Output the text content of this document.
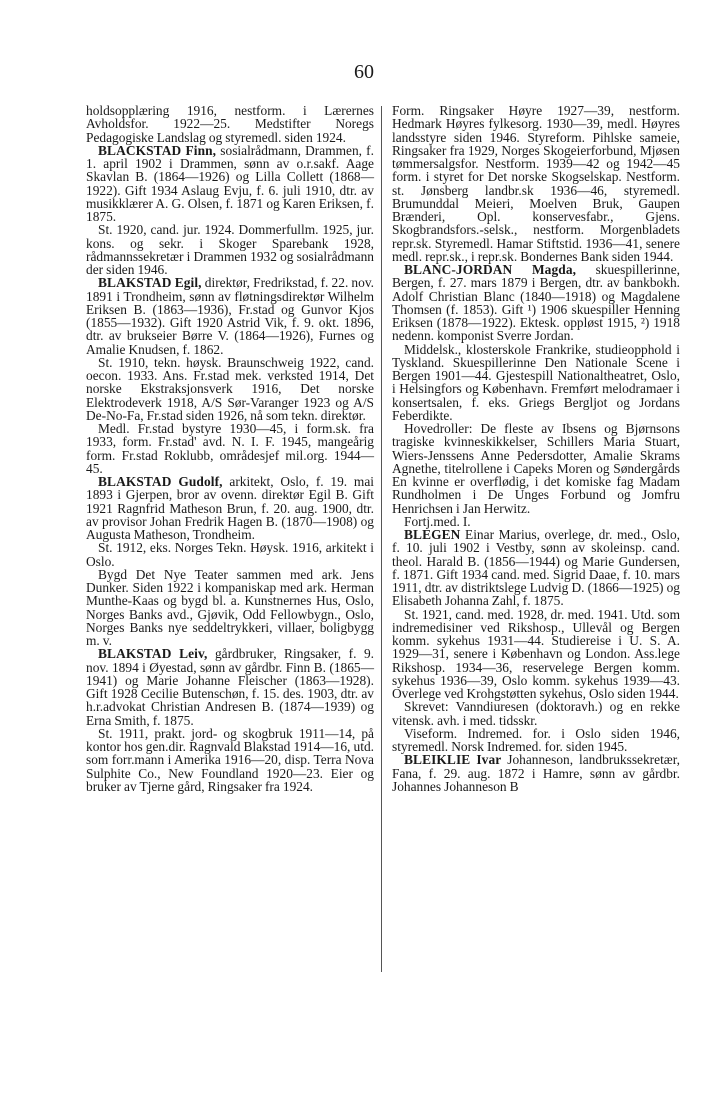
60

holdsopplæring 1916, nestform. i Lærernes Avholdsfor. 1922—25. Medstifter Noregs Pedagogiske Landslag og styremedl. siden 1924.

BLACKSTAD Finn, sosialrådmann, Drammen, f. 1. april 1902 i Drammen, sønn av o.r.sakf. Aage Skavlan B. (1864—1926) og Lilla Collett (1868—1922). Gift 1934 Aslaug Evju, f. 6. juli 1910, dtr. av musikklærer A. G. Olsen, f. 1871 og Karen Eriksen, f. 1875.

St. 1920, cand. jur. 1924. Dommerfullm. 1925, jur. kons. og sekr. i Skoger Sparebank 1928, rådmannssekretær i Drammen 1932 og sosialrådmann der siden 1946.

BLAKSTAD Egil, direktør, Fredrikstad, f. 22. nov. 1891 i Trondheim, sønn av fløtningsdirektør Wilhelm Eriksen B. (1863—1936), Fr.stad og Gunvor Kjos (1855—1932). Gift 1920 Astrid Vik, f. 9. okt. 1896, dtr. av brukseier Børre V. (1864—1926), Furnes og Amalie Knudsen, f. 1862.

St. 1910, tekn. høysk. Braunschweig 1922, cand. oecon. 1933. Ans. Fr.stad mek. verksted 1914, Det norske Ekstraksjonsverk 1916, Det norske Elektrodeverk 1918, A/S Sør-Varanger 1923 og A/S De-No-Fa, Fr.stad siden 1926, nå som tekn. direktør.

Medl. Fr.stad bystyre 1930—45, i form.sk. fra 1933, form. Fr.stad' avd. N. I. F. 1945, mangeårig form. Fr.stad Roklubb, områdesjef mil.org. 1944—45.

BLAKSTAD Gudolf, arkitekt, Oslo, f. 19. mai 1893 i Gjerpen, bror av ovenn. direktør Egil B. Gift 1921 Ragnfrid Matheson Brun, f. 20. aug. 1900, dtr. av provisor Johan Fredrik Hagen B. (1870—1908) og Augusta Matheson, Trondheim.

St. 1912, eks. Norges Tekn. Høysk. 1916, arkitekt i Oslo.

Bygd Det Nye Teater sammen med ark. Jens Dunker. Siden 1922 i kompaniskap med ark. Herman Munthe-Kaas og bygd bl. a. Kunstnernes Hus, Oslo, Norges Banks avd., Gjøvik, Odd Fellowbygn., Oslo, Norges Banks nye seddeltrykkeri, villaer, boligbygg m. v.

BLAKSTAD Leiv, gårdbruker, Ringsaker, f. 9. nov. 1894 i Øyestad, sønn av gårdbr. Finn B. (1865—1941) og Marie Johanne Fleischer (1863—1928). Gift 1928 Cecilie Butenschøn, f. 15. des. 1903, dtr. av h.r.advokat Christian Andresen B. (1874—1939) og Erna Smith, f. 1875.

St. 1911, prakt. jord- og skogbruk 1911—14, på kontor hos gen.dir. Ragnvald Blakstad 1914—16, utd. som forr.mann i Amerika 1916—20, disp. Terra Nova Sulphite Co., New Foundland 1920—23. Eier og bruker av Tjerne gård, Ringsaker fra 1924.

Form. Ringsaker Høyre 1927—39, nestform. Hedmark Høyres fylkesorg. 1930—39, medl. Høyres landsstyre siden 1946. Styreform. Pihlske sameie, Ringsaker fra 1929, Norges Skogeierforbund, Mjøsen tømmersalgsfor. Nestform. 1939—42 og 1942—45 form. i styret for Det norske Skogselskap. Nestform. st. Jønsberg landbr.sk 1936—46, styremedl. Brumunddal Meieri, Moelven Bruk, Gaupen Brænderi, Opl. konservesfabr., Gjens. Skogbrandsfors.-selsk., nestform. Morgenbladets repr.sk. Styremedl. Hamar Stiftstid. 1936—41, senere medl. repr.sk., i repr.sk. Bondernes Bank siden 1944.

BLANC-JORDAN Magda, skuespillerinne, Bergen, f. 27. mars 1879 i Bergen, dtr. av bankbokh. Adolf Christian Blanc (1840—1918) og Magdalene Thomsen (f. 1853). Gift ¹) 1906 skuespiller Henning Eriksen (1878—1922). Ektesk. oppløst 1915, ²) 1918 nedenn. komponist Sverre Jordan.

Middelsk., klosterskole Frankrike, studieopphold i Tyskland. Skuespillerinne Den Nationale Scene i Bergen 1901—44. Gjestespill Nationaltheatret, Oslo, i Helsingfors og København. Fremført melodramaer i konsertsalen, f. eks. Griegs Bergljot og Jordans Feberdikte.

Hovedroller: De fleste av Ibsens og Bjørnsons tragiske kvinneskikkelser, Schillers Maria Stuart, Wiers-Jenssens Anne Pedersdotter, Amalie Skrams Agnethe, titelrollene i Capeks Moren og Søndergårds En kvinne er overflødig, i det komiske fag Madam Rundholmen i De Unges Forbund og Jomfru Henrichsen i Jan Herwitz.

Fortj.med. I.

BLEGEN Einar Marius, overlege, dr. med., Oslo, f. 10. juli 1902 i Vestby, sønn av skoleinsp. cand. theol. Harald B. (1856—1944) og Marie Gundersen, f. 1871. Gift 1934 cand. med. Sigrid Daae, f. 10. mars 1911, dtr. av distriktslege Ludvig D. (1866—1925) og Elisabeth Johanna Zahl, f. 1875.

St. 1921, cand. med. 1928, dr. med. 1941. Utd. som indremedisiner ved Rikshosp., Ullevål og Bergen komm. sykehus 1931—44. Studiereise i U. S. A. 1929—31, senere i København og London. Ass.lege Rikshosp. 1934—36, reservelege Bergen komm. sykehus 1936—39, Oslo komm. sykehus 1939—43. Overlege ved Krohgstøtten sykehus, Oslo siden 1944.

Skrevet: Vanndiuresen (doktoravh.) og en rekke vitensk. avh. i med. tidsskr.

Viseform. Indremed. for. i Oslo siden 1946, styremedl. Norsk Indremed. for. siden 1945.

BLEIKLIE Ivar Johanneson, landbrukssekretær, Fana, f. 29. aug. 1872 i Hamre, sønn av gårdbr. Johannes Johanneson B
